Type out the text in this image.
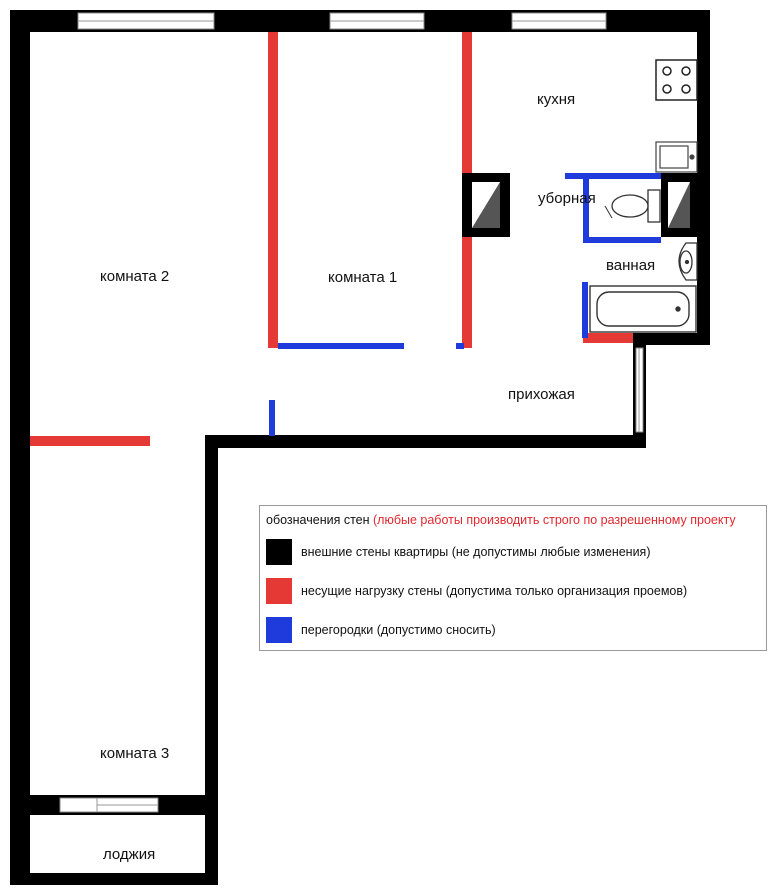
комната 2	комната 1
кухня
уборная
ванная
прихожая
комната 3
лоджия
обозначения стен (любые работы производить строго по разрешенному проекту
внешние стены квартиры (не допустимы любые изменения)
несущие нагрузку стены (допустима только организация проемов)
перегородки (допустимо сносить)
